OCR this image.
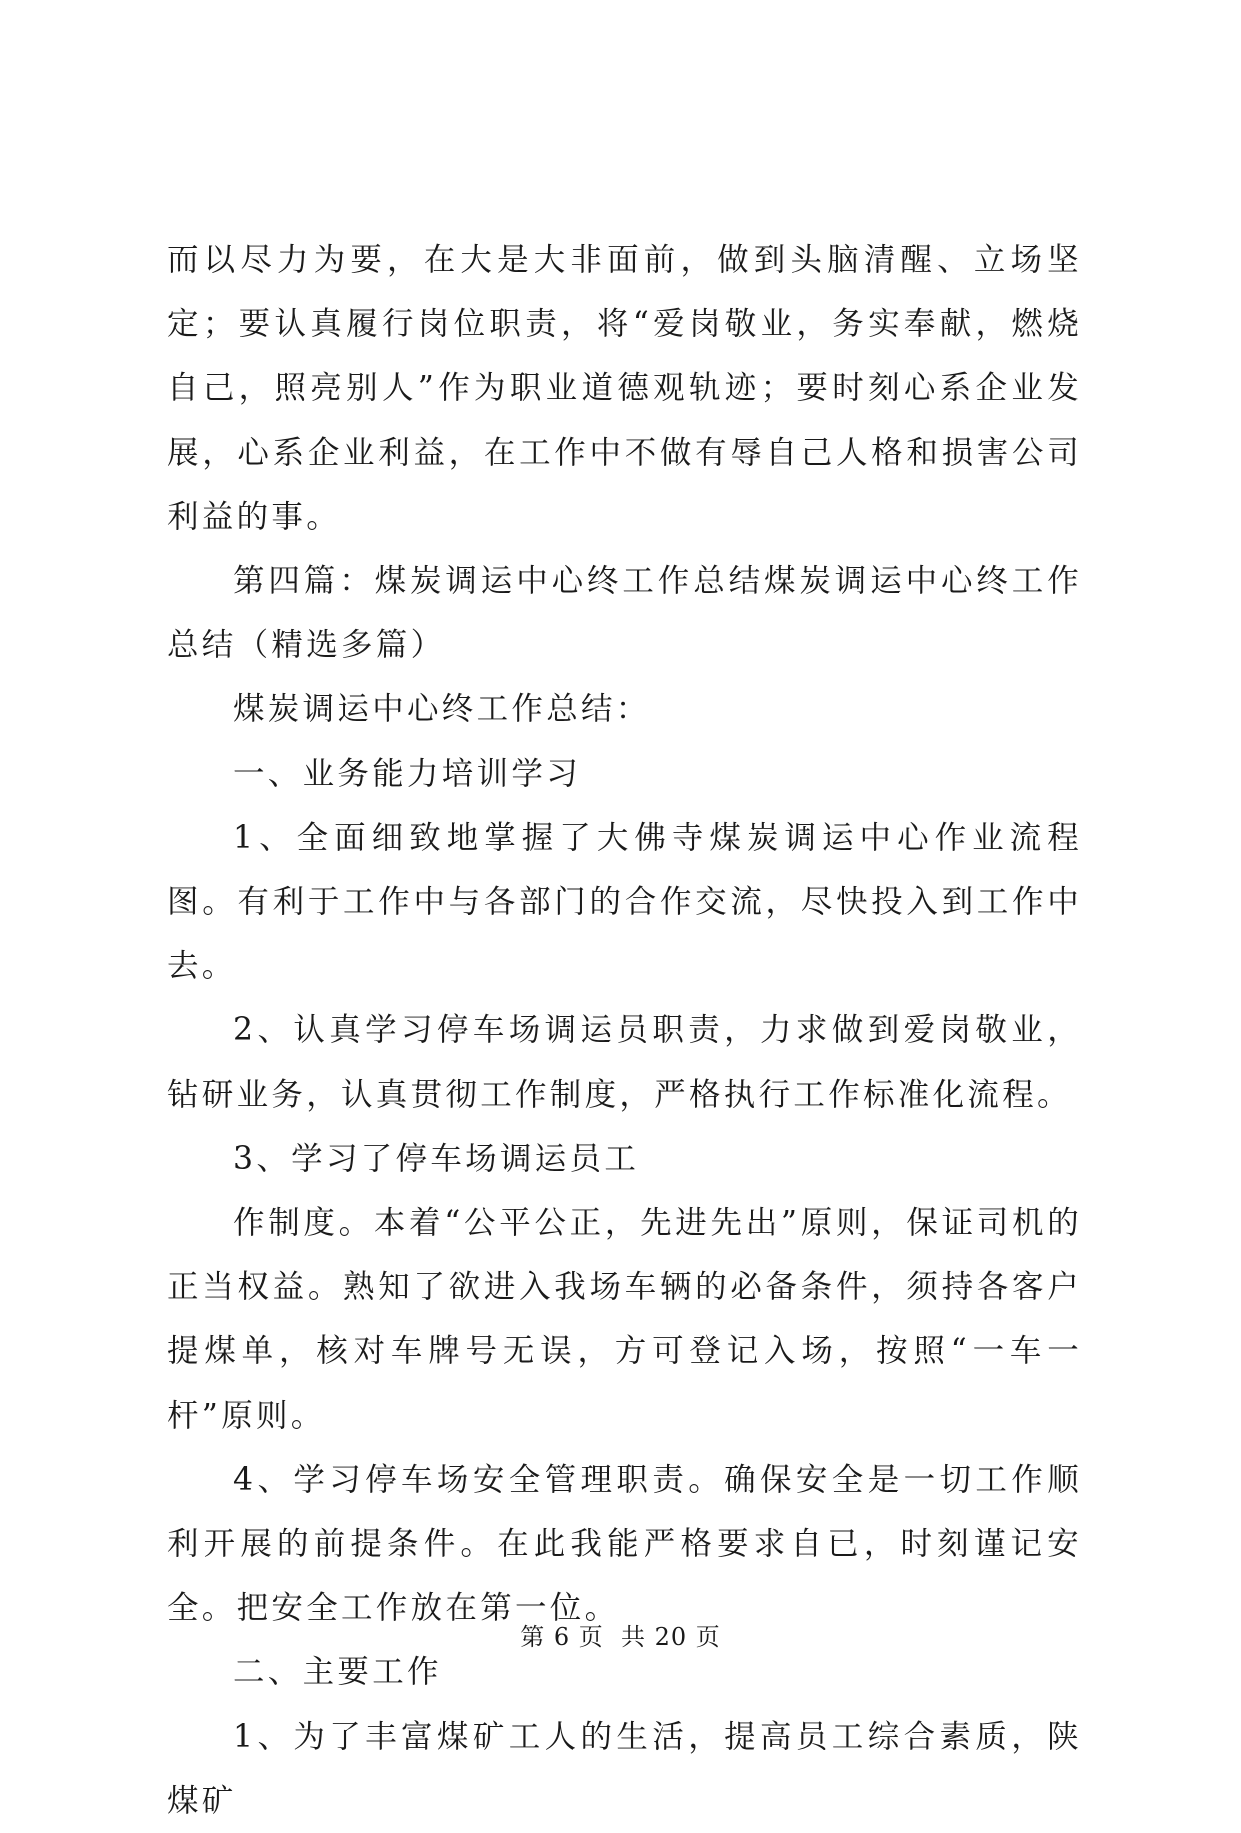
而以尽力为要，在大是大非面前，做到头脑清醒、立场坚定；要认真履行岗位职责，将“爱岗敬业，务实奉献，燃烧自己，照亮别人”作为职业道德观轨迹；要时刻心系企业发展，心系企业利益，在工作中不做有辱自己人格和损害公司利益的事。

第四篇：煤炭调运中心终工作总结煤炭调运中心终工作总结（精选多篇）

煤炭调运中心终工作总结：

一、业务能力培训学习

1、全面细致地掌握了大佛寺煤炭调运中心作业流程图。有利于工作中与各部门的合作交流，尽快投入到工作中去。

2、认真学习停车场调运员职责，力求做到爱岗敬业，钻研业务，认真贯彻工作制度，严格执行工作标准化流程。

3、学习了停车场调运员工

作制度。本着“公平公正，先进先出”原则，保证司机的正当权益。熟知了欲进入我场车辆的必备条件，须持各客户提煤单，核对车牌号无误，方可登记入场，按照“一车一杆”原则。

4、学习停车场安全管理职责。确保安全是一切工作顺利开展的前提条件。在此我能严格要求自已，时刻谨记安全。把安全工作放在第一位。

二、主要工作

1、为了丰富煤矿工人的生活，提高员工综合素质，陕煤矿

第 6 页 共 20 页
